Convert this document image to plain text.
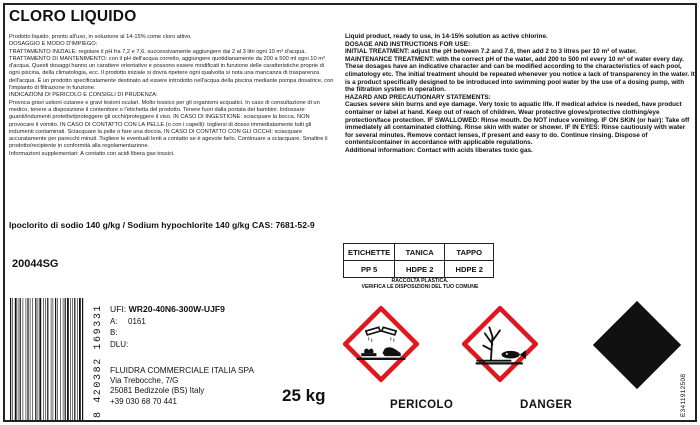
CLORO LIQUIDO

Prodotto liquido, pronto all'uso, in soluzione al 14-15% come cloro attivo.

DOSAGGIO E MODO D'IMPIEGO:

TRATTAMENTO INIZIALE: regolare il pH fra 7,2 e 7,6, successivamente aggiungere dai 2 al 3 litri ogni 10 m³ d'acqua.

TRATTAMENTO DI MANTENIMENTO: con il pH dell'acqua corretto, aggiungere quotidianamente da 200 a 500 ml ogni 10 m³ d'acqua. Questi dosaggi hanno un carattere orientativo e possono essere modificati in funzione delle caratteristiche proprie di ogni piscina, della climatologia, ecc. Il prodotto iniziale si dovrà ripetere ogni qualvolta si nota una mancanza di trasparenza dell'acqua. È un prodotto specificatamente destinato ad essere introdotto nell'acqua della piscina mediante pompa dosatrice, con l'impianto di filtrazione in funzione.

INDICAZIONI DI PERICOLO E CONSIGLI DI PRUDENZA:

Provoca gravi ustioni cutanee e gravi lesioni oculari. Molto tossico per gli organismi acquatici. In caso di consultazione di un medico, tenere a disposizione il contenitore o l'etichetta del prodotto. Tenere fuori dalla portata dei bambini. Indossare guanti/indumenti protettivi/proteggere gli occhi/proteggere il viso. IN CASO DI INGESTIONE: sciacquare la bocca. NON provocare il vomito. IN CASO DI CONTATTO CON LA PELLE (o con i capelli): togliersi di dosso immediatamente tutti gli indumenti contaminati. Sciacquare la pelle o fare una doccia. IN CASO DI CONTATTO CON GLI OCCHI: sciacquare accuratamente per parecchi minuti. Togliere le eventuali lenti a contatto se è agevole farlo. Continuare a sciacquare. Smaltire il prodotto/recipiente in conformità alla regolamentazione.

Informazioni supplementari: A contatto con acidi libera gas tossici.

Liquid product, ready to use, in 14-15% solution as active chlorine.

DOSAGE AND INSTRUCTIONS FOR USE:

INITIAL TREATMENT: adjust the pH between 7.2 and 7.6, then add 2 to 3 litres per 10 m³ of water.

MAINTENANCE TREATMENT: with the correct pH of the water, add 200 to 500 ml every 10 m³ of water every day. These dosages have an indicative character and can be modified according to the characteristics of each pool, climatology etc. The initial treatment should be repeated whenever you notice a lack of transparency in the water. It is a product specifically designed to be introduced into swimming pool water by the use of a dosing pump, with the filtration system in operation.

HAZARD AND PRECAUTIONARY STATEMENTS:

Causes severe skin burns and eye damage. Very toxic to aquatic life. If medical advice is needed, have product container or label at hand. Keep out of reach of children. Wear protective gloves/protective clothing/eye protection/face protection. IF SWALLOWED: Rinse mouth. Do NOT induce vomiting. IF ON SKIN (or hair): Take off immediately all contaminated clothing. Rinse skin with water or shower. IF IN EYES: Rinse cautiously with water for several minutes. Remove contact lenses, if present and easy to do. Continue rinsing. Dispose of contents/container in accordance with applicable regulations.

Additional information: Contact with acids liberates toxic gas.

Ipoclorito di sodio 140 g/kg / Sodium hypochlorite 140 g/kg CAS: 7681-52-9
20044SG
8 420382 169331 UFI: WR20-40N6-300W-UJF9
A:	0161
B:
DLU:
FLUIDRA COMMERCIALE ITALIA SPA
Via Trebocche, 7/G
25081 Bedizzole (BS) Italy
+39 030 68 70 441	25 kg
ETICHETTE	TANICA	TAPPO
PP 5	HDPE 2	HDPE 2
RACCOLTA PLASTICA.
VERIFICA LE DISPOSIZIONI DEL TUO COMUNE
PERICOLO	DANGER	E3411912508
